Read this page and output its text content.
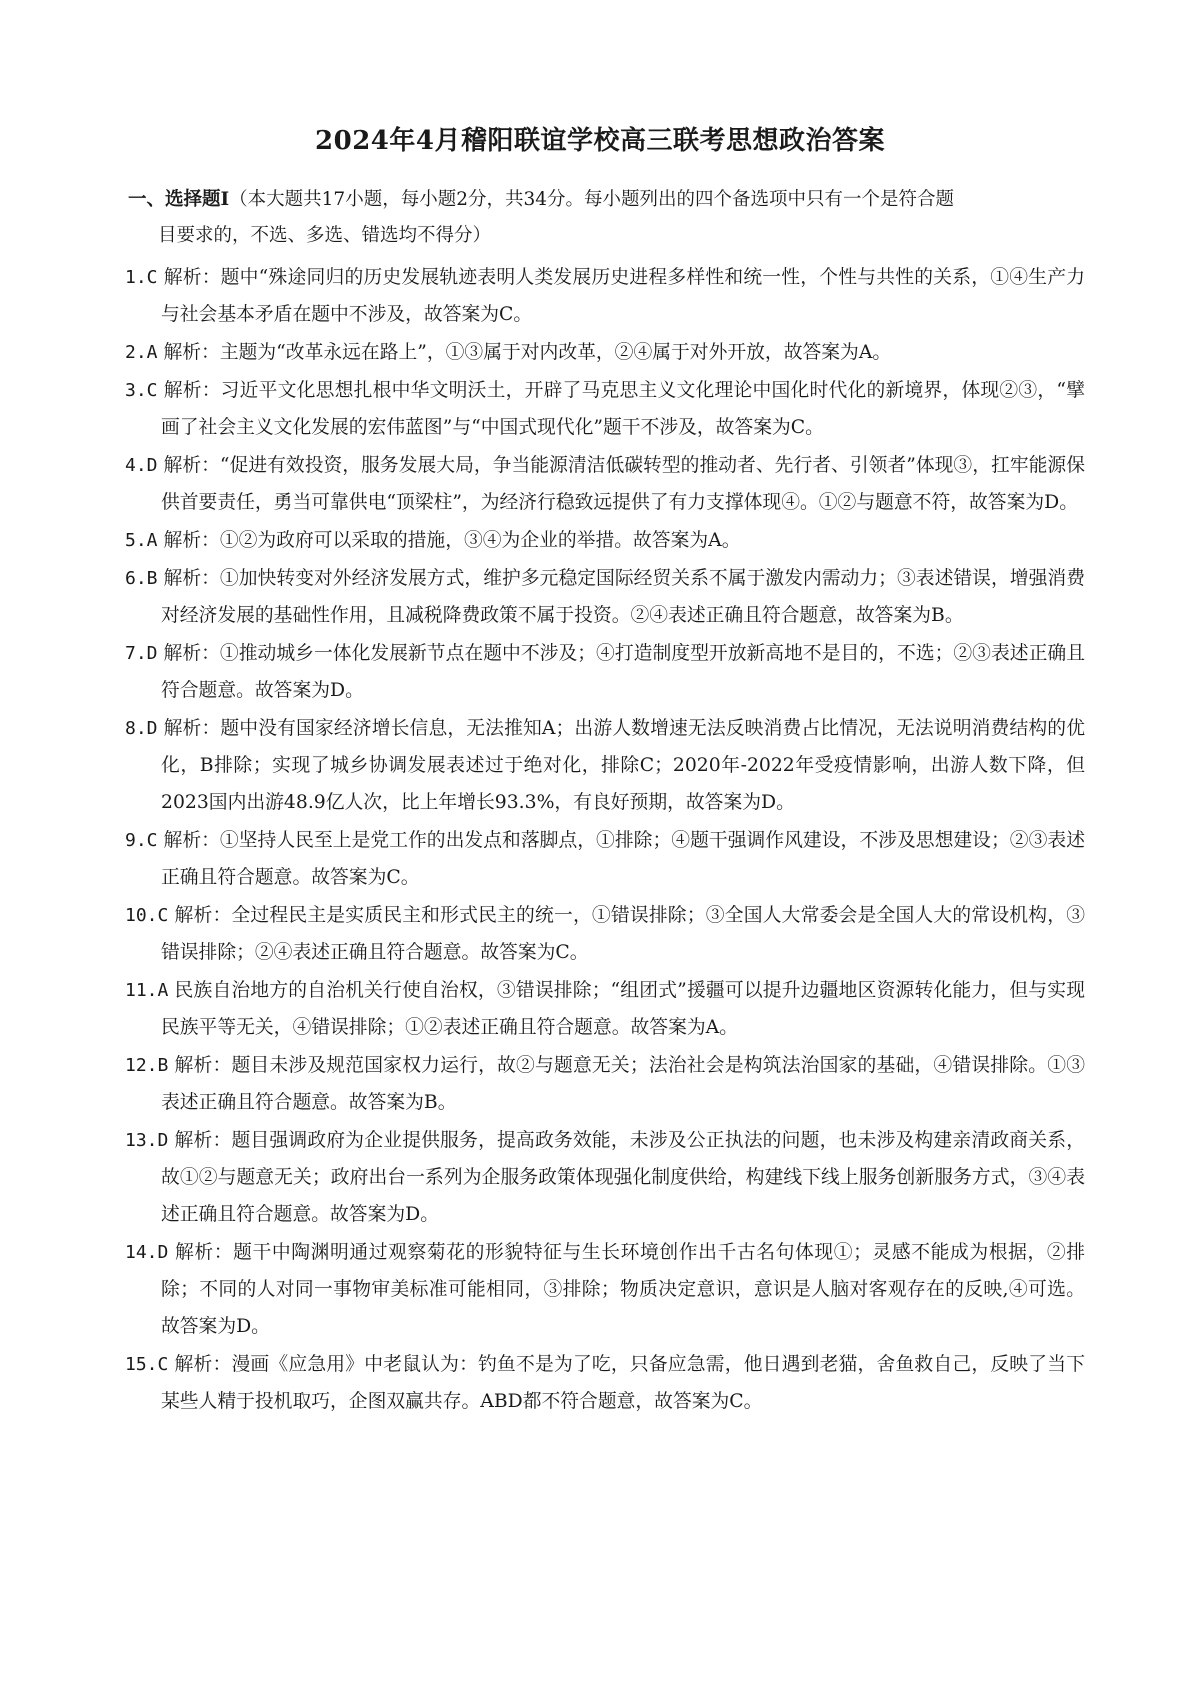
2024年4月稽阳联谊学校高三联考思想政治答案
一、选择题Ⅰ（本大题共17小题，每小题2分，共34分。每小题列出的四个备选项中只有一个是符合题
目要求的，不选、多选、错选均不得分）

1.C 解析：题中“殊途同归的历史发展轨迹表明人类发展历史进程多样性和统一性，个性与共性的关系，①④生产力与社会基本矛盾在题中不涉及，故答案为C。

2.A 解析：主题为“改革永远在路上”，①③属于对内改革，②④属于对外开放，故答案为A。

3.C 解析：习近平文化思想扎根中华文明沃土，开辟了马克思主义文化理论中国化时代化的新境界，体现②③，“擘画了社会主义文化发展的宏伟蓝图”与“中国式现代化”题干不涉及，故答案为C。

4.D 解析：“促进有效投资，服务发展大局，争当能源清洁低碳转型的推动者、先行者、引领者”体现③，扛牢能源保供首要责任，勇当可靠供电“顶梁柱”，为经济行稳致远提供了有力支撑体现④。①②与题意不符，故答案为D。

5.A 解析：①②为政府可以采取的措施，③④为企业的举措。故答案为A。

6.B 解析：①加快转变对外经济发展方式，维护多元稳定国际经贸关系不属于激发内需动力；③表述错误，增强消费对经济发展的基础性作用，且减税降费政策不属于投资。②④表述正确且符合题意，故答案为B。

7.D 解析：①推动城乡一体化发展新节点在题中不涉及；④打造制度型开放新高地不是目的，不选；②③表述正确且符合题意。故答案为D。

8.D 解析：题中没有国家经济增长信息，无法推知A；出游人数增速无法反映消费占比情况，无法说明消费结构的优化，B排除；实现了城乡协调发展表述过于绝对化，排除C；2020年-2022年受疫情影响，出游人数下降，但2023国内出游48.9亿人次，比上年增长93.3%，有良好预期，故答案为D。

9.C 解析：①坚持人民至上是党工作的出发点和落脚点，①排除；④题干强调作风建设，不涉及思想建设；②③表述正确且符合题意。故答案为C。

10.C 解析：全过程民主是实质民主和形式民主的统一，①错误排除；③全国人大常委会是全国人大的常设机构，③错误排除；②④表述正确且符合题意。故答案为C。

11.A 民族自治地方的自治机关行使自治权，③错误排除；“组团式”援疆可以提升边疆地区资源转化能力，但与实现民族平等无关，④错误排除；①②表述正确且符合题意。故答案为A。

12.B 解析：题目未涉及规范国家权力运行，故②与题意无关；法治社会是构筑法治国家的基础，④错误排除。①③表述正确且符合题意。故答案为B。

13.D 解析：题目强调政府为企业提供服务，提高政务效能，未涉及公正执法的问题，也未涉及构建亲清政商关系，故①②与题意无关；政府出台一系列为企服务政策体现强化制度供给，构建线下线上服务创新服务方式，③④表述正确且符合题意。故答案为D。

14.D 解析：题干中陶渊明通过观察菊花的形貌特征与生长环境创作出千古名句体现①；灵感不能成为根据，②排除；不同的人对同一事物审美标准可能相同，③排除；物质决定意识，意识是人脑对客观存在的反映,④可选。故答案为D。

15.C 解析：漫画《应急用》中老鼠认为：钓鱼不是为了吃，只备应急需，他日遇到老猫，舍鱼救自己，反映了当下某些人精于投机取巧，企图双赢共存。ABD都不符合题意，故答案为C。
